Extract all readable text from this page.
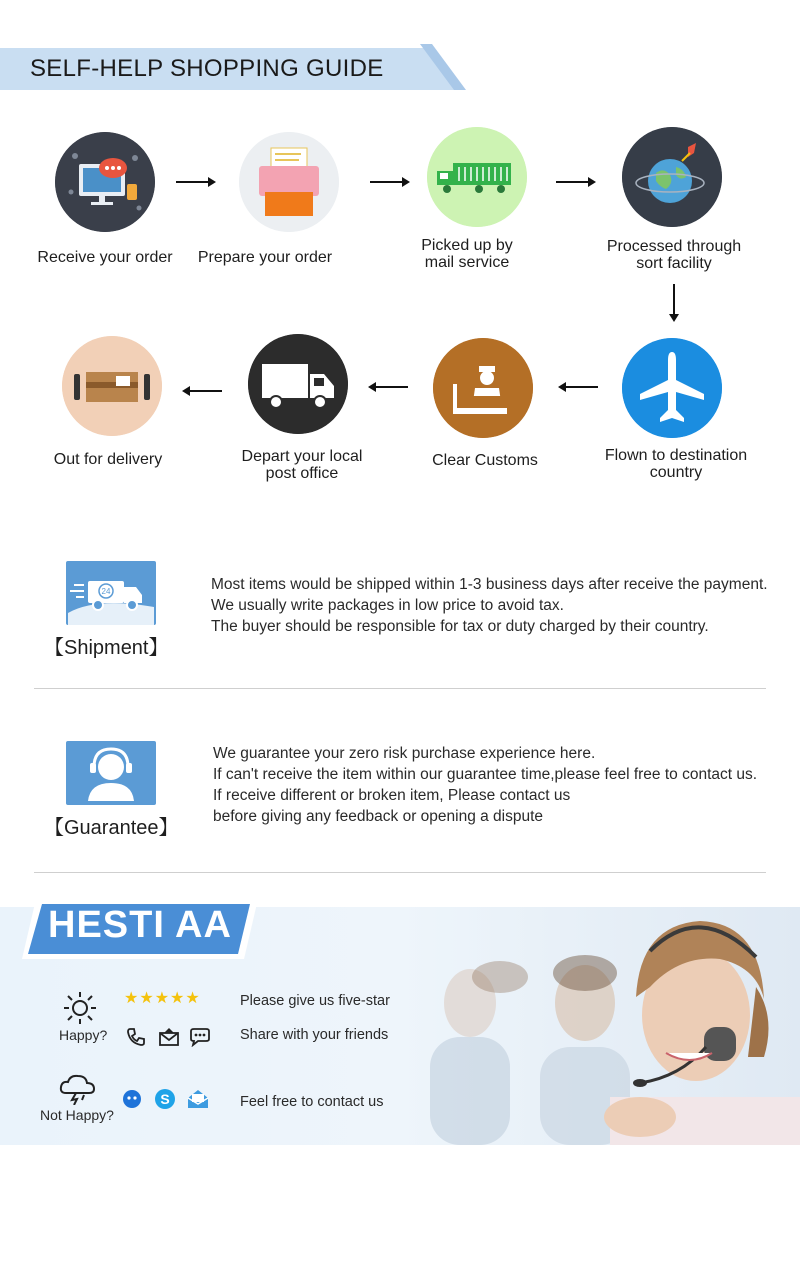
SELF-HELP SHOPPING GUIDE
Receive your order	Prepare your order
Picked up by
mail service
Processed through
sort facility
Flown to destination
country
Clear Customs
Depart your local
post office
Out for delivery
24
【Shipment】
Most items would be shipped within 1-3 business days after receive the payment.
We usually write packages in low price to avoid tax.
The buyer should be responsible for tax or duty charged by their country.
【Guarantee】
We guarantee your zero risk purchase experience here.
If can't receive the item within our guarantee time,please feel free to contact us.
If receive different or broken item, Please contact us
before giving any feedback or opening a dispute
Happy?
Not Happy?
★★★★★	Please give us five-star
Share with your friends
Feel free to contact us
S
HESTI AA
